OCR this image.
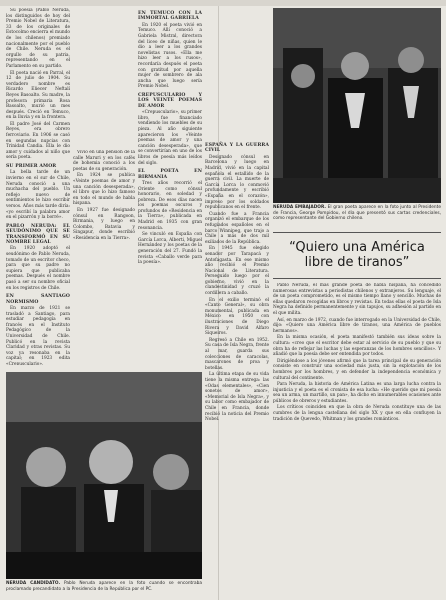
Su poesía (Pablo Neruda, los distinguidos de hoy del Premio Nobel de Literatura, 33 de los originales de Estocolmo encierra el mundo de los chilenos) premiado nacionalmente por el pueblo de Chile. Neruda es el orgullo de su patria, representando en el Parlamento en su partido.

El poeta nació en Parral, el 12 de julio de 1904. Su verdadero nombre es Ricardo Eliecer Neftalí Reyes Basoalto. Su madre, la profesora primaria Rosa Basoalto, murió un mes después. Creció en Temuco, en la lluvia y en la frontera.

El padre José del Carmen Reyes, era obrero ferroviario. En 1906 se casó en segundas nupcias con Trinidad Candia. Ella le dio amor y cuidados al niño que sería poeta.

SU PRIMER AMOR

La bella tarde de un invierno en el sur de Chile, Neruda conoció a una muchacha del pueblo. Un reflejo nuevo de sentimientos le hizo escribir versos. Años más tarde diría: «yo escribí la palabra amor en el pizarrón y la borré».

PABLO NERUDA: EL SEUDÓNIMO QUE SE TRANSFORMÓ EN SU NOMBRE LEGAL

En 1920 adoptó el seudónimo de Pablo Neruda, tomado de un escritor checo, para que su padre no supiera que publicaba poemas. Después el nombre pasó a ser su nombre oficial en los registros de Chile.

EN SANTIAGO NORMISMO

En marzo de 1921 se trasladó a Santiago, para estudiar pedagogía en francés en el Instituto Pedagógico de la Universidad de Chile. Publicó en la revista Claridad y otras revistas. Su voz ya resonaba en la capital; en 1923 edita «Crepusculario».

Vivió en una pensión de la calle Maruri y en los cafés de bohemia conoció a los poetas de su generación.

En 1924 se publica «Veinte poemas de amor y una canción desesperada», el libro que lo hizo famoso en todo el mundo de habla hispana.

En 1927 fue designado cónsul en Rangoon, Birmania, y luego en Colombo, Batavia y Singapur, donde escribió «Residencia en la Tierra».

EN TEMUCO CON LA IMMORTAL GABRIELA

En 1920 el poeta vivió en Temuco. Allí conoció a Gabriela Mistral, directora del liceo de niñas, quien le dio a leer a los grandes novelistas rusos. «Ella me hizo leer a los rusos», recordaría después el poeta con gratitud por aquella mujer de sombrero de ala ancha que luego sería Premio Nobel.

CREPUSCULARIO Y LOS VEINTE POEMAS DE AMOR

«Crepusculario», su primer libro, fue financiado vendiendo los muebles de su pieza. Al año siguiente aparecieron los «Veinte poemas de amor y una canción desesperada», que se convertirían en uno de los libros de poesía más leídos del siglo.

EL POETA EN BIRMANIA

Tres años recorrió el Oriente como cónsul honorario, en soledad y pobreza. De esos días nacen los poemas oscuros y profundos de «Residencia en la Tierra», publicada en Madrid en 1935 con gran resonancia.

Se vinculó en España con García Lorca, Alberti, Miguel Hernández y los poetas de la generación del 27. Fundó la revista «Caballo verde para la poesía».

ESPAÑA Y LA GUERRA CIVIL

Designado cónsul en Barcelona y luego en Madrid, vivió en la capital española el estallido de la guerra civil. La muerte de García Lorca lo conmovió profundamente y escribió «España en el corazón», impreso por los soldados republicanos en el frente.

Cuando fue a Francia organizó el embarque de los refugiados españoles en el barco Winnipeg, que trajo a Chile a más de dos mil exiliados de la República.

En 1945 fue elegido senador por Tarapacá y Antofagasta. En ese mismo año recibió el Premio Nacional de Literatura. Perseguido luego por el gobierno, vivió en la clandestinidad y cruzó la cordillera a caballo.

En el exilio terminó el «Canto General», su obra monumental, publicada en México en 1950 con ilustraciones de Diego Rivera y David Alfaro Siqueiros.

Regresó a Chile en 1952. Su casa de Isla Negra, frente al mar, guarda sus colecciones de caracolas, mascarones de proa y botellas.

La última etapa de su vida tiene la misma entrega: las «Odas elementales», «Cien sonetos de amor», «Memorial de Isla Negra», y su labor como embajador de Chile en Francia, donde recibió la noticia del Premio Nobel.

NERUDA EMBAJADOR. El gran poeta aparece en la foto junto al Presidente de Francia, George Pompidou, el día que presentó sus cartas credenciales, como representante del Gobierno chileno.
“Quiero una América libre de tiranos”

Pablo Neruda, el más grande poeta de habla hispana, ha concedido numerosas entrevistas a periodistas chilenos y extranjeros. Su lenguaje, el de un poeta comprometido, es el mismo tiempo llano y sencillo. Muchas de ellas quedaron recogidas en libros y revistas. En todas ellas el poeta de Isla Negra ha definido permanentemente y sin tapujos, su adhesión al partido en el que milita.

Así, en marzo de 1972, cuando fue interrogado en la Universidad de Chile, dijo: «Quiero una América libre de tiranos, una América de pueblos hermanos».

En la misma ocasión, el poeta manifestó también sus ideas sobre la cultura: «creo que el escritor debe estar al servicio de su pueblo y que su obra ha de reflejar las luchas y las esperanzas de los hombres sencillos». Y añadió que la poesía debe ser entendida por todos.

Dirigiéndose a los jóvenes afirmó que la tarea principal de su generación consiste en construir una sociedad más justa, sin la explotación de los hombres por los hombres, y en defender la independencia económica y cultural del continente.

Para Neruda, la historia de América Latina es una larga lucha contra la injusticia y el poeta es el cronista de esa lucha: «He querido que mi poesía sea un arma, un martillo, un pan», ha dicho en innumerables ocasiones ante públicos de obreros y estudiantes.

Los críticos coinciden en que la obra de Neruda constituye una de las cumbres de la lengua castellana del siglo XX y que en ella confluyen la tradición de Quevedo, Whitman y los grandes románticos.

NERUDA CANDIDATO. Pablo Neruda aparece en la foto cuando se encontraba proclamado precandidato a la Presidencia de la República por el PC.
